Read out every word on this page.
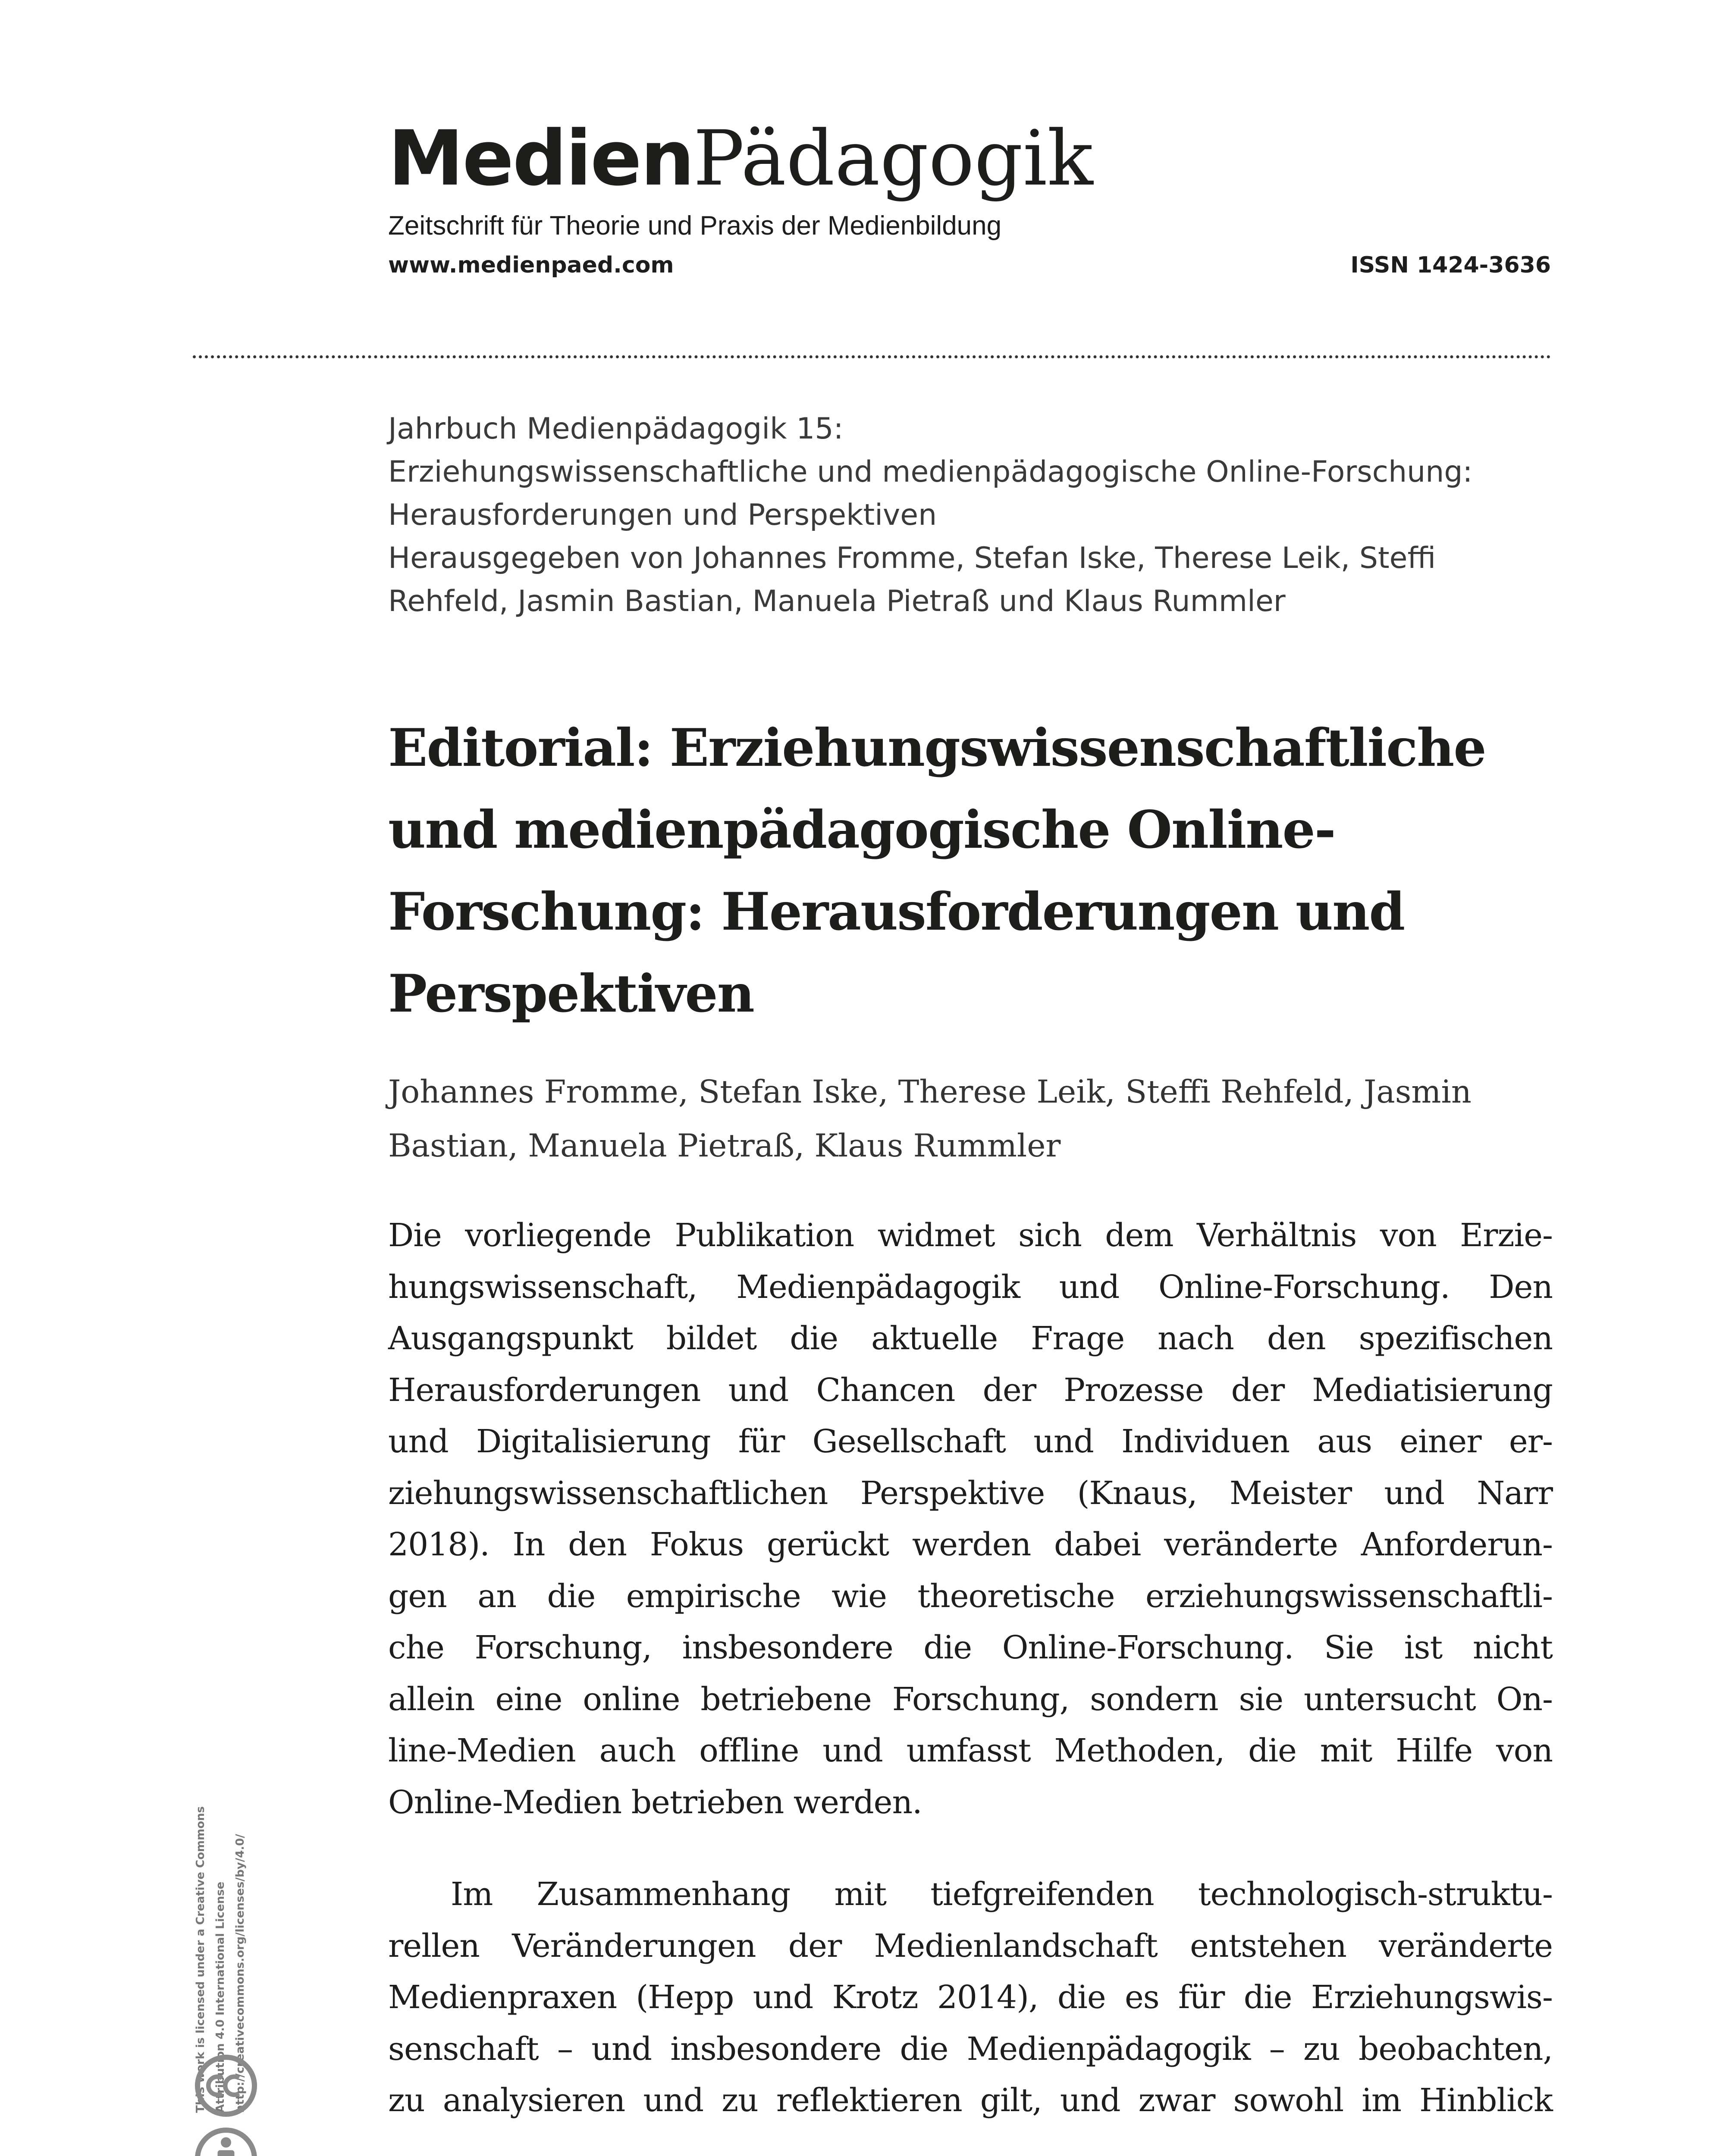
MedienPädagogik
Zeitschrift für Theorie und Praxis der Medienbildung
www.medienpaed.com	ISSN 1424-3636
Jahrbuch Medienpädagogik 15:
Erziehungswissenschaftliche und medienpädagogische Online-Forschung:
Herausforderungen und Perspektiven
Herausgegeben von Johannes Fromme, Stefan Iske, Therese Leik, Steffi
Rehfeld, Jasmin Bastian, Manuela Pietraß und Klaus Rummler
Editorial: Erziehungswissenschaftliche
und medienpädagogische Online-
Forschung: Herausforderungen und
Perspektiven
Johannes Fromme, Stefan Iske, Therese Leik, Steffi Rehfeld, Jasmin
Bastian, Manuela Pietraß, Klaus Rummler
Die vorliegende Publikation widmet sich dem Verhältnis von Erzie-
hungswissenschaft, Medienpädagogik und Online-Forschung. Den
Ausgangspunkt bildet die aktuelle Frage nach den spezifischen
Herausforderungen und Chancen der Prozesse der Mediatisierung
und Digitalisierung für Gesellschaft und Individuen aus einer er-
ziehungswissenschaftlichen Perspektive (Knaus, Meister und Narr
2018). In den Fokus gerückt werden dabei veränderte Anforderun-
gen an die empirische wie theoretische erziehungswissenschaftli-
che Forschung, insbesondere die Online-Forschung. Sie ist nicht
allein eine online betriebene Forschung, sondern sie untersucht On-
line-Medien auch offline und umfasst Methoden, die mit Hilfe von
Online-Medien betrieben werden.
Im Zusammenhang mit tiefgreifenden technologisch-struktu-
rellen Veränderungen der Medienlandschaft entstehen veränderte
Medienpraxen (Hepp und Krotz 2014), die es für die Erziehungswis-
senschaft – und insbesondere die Medienpädagogik – zu beobachten,
zu analysieren und zu reflektieren gilt, und zwar sowohl im Hinblick
This work is licensed under a Creative Commons Attribution 4.0 International License http://creativecommons.org/licenses/by/4.0/
